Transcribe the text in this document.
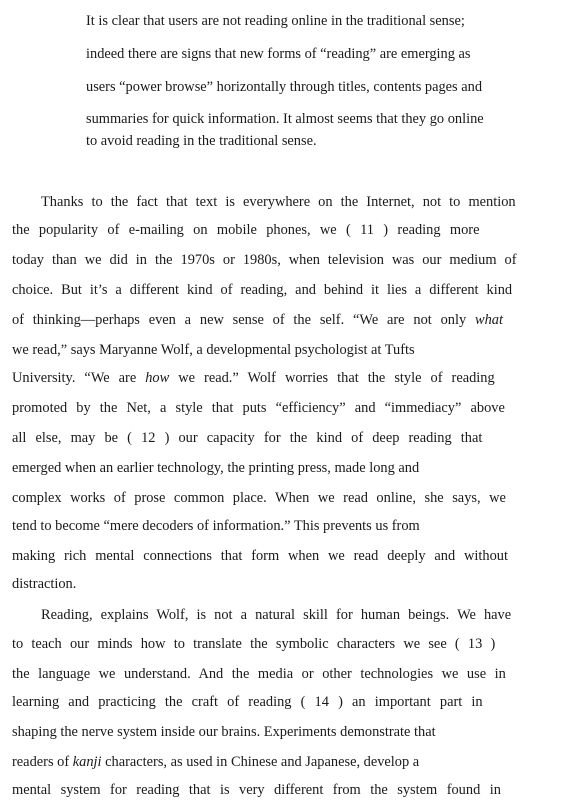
It is clear that users are not reading online in the traditional sense;
indeed there are signs that new forms of “reading” are emerging as
users “power browse” horizontally through titles, contents pages and
summaries for quick information. It almost seems that they go online
to avoid reading in the traditional sense.
Thanks to the fact that text is everywhere on the Internet, not to mention
the popularity of e-mailing on mobile phones, we ( 11 ) reading more
today than we did in the 1970s or 1980s, when television was our medium of
choice. But it’s a different kind of reading, and behind it lies a different kind
of thinking—perhaps even a new sense of the self. “We are not only what
we read,” says Maryanne Wolf, a developmental psychologist at Tufts
University. “We are how we read.” Wolf worries that the style of reading
promoted by the Net, a style that puts “efficiency” and “immediacy” above
all else, may be ( 12 ) our capacity for the kind of deep reading that
emerged when an earlier technology, the printing press, made long and
complex works of prose common place. When we read online, she says, we
tend to become “mere decoders of information.” This prevents us from
making rich mental connections that form when we read deeply and without
distraction.
Reading, explains Wolf, is not a natural skill for human beings. We have
to teach our minds how to translate the symbolic characters we see ( 13 )
the language we understand. And the media or other technologies we use in
learning and practicing the craft of reading ( 14 ) an important part in
shaping the nerve system inside our brains. Experiments demonstrate that
readers of kanji characters, as used in Chinese and Japanese, develop a
mental system for reading that is very different from the system found in
